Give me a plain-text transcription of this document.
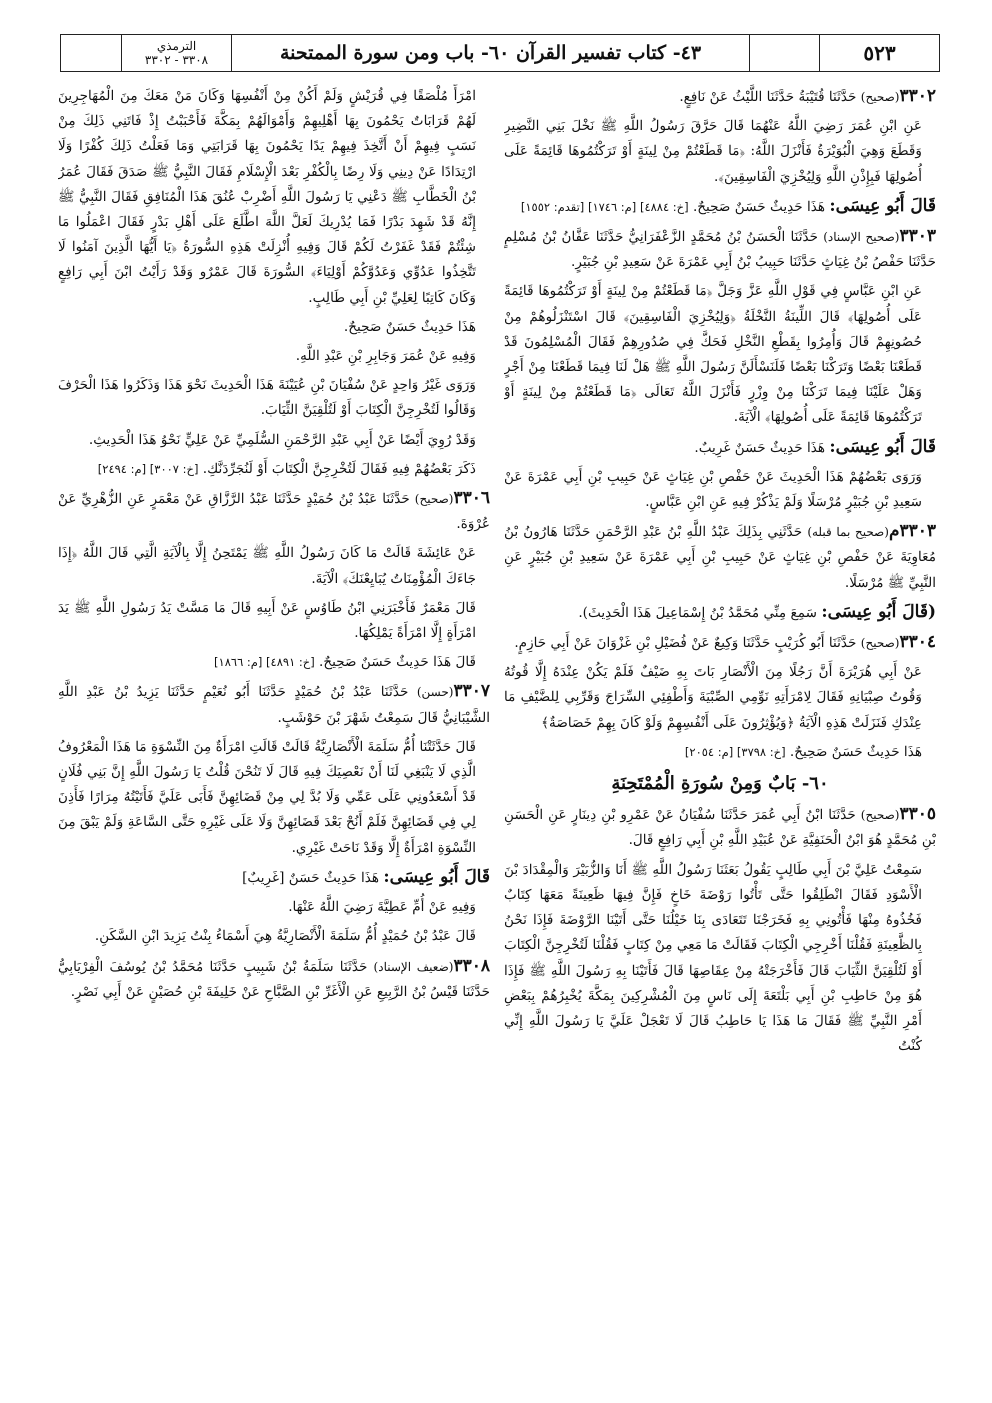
٥٢٣
٤٣- كتاب تفسير القرآن ٦٠- باب ومن سورة الممتحنة
الترمذي
٣٣٠٨ - ٣٣٠٢

٣٣٠٢(صحيح) حَدَّثَنَا قُتَيْبَةُ حَدَّثَنَا اللَّيْثُ عَنْ نَافِعٍ.

عَنِ ابْنِ عُمَرَ رَضِيَ اللَّهُ عَنْهُمَا قَالَ حَرَّقَ رَسُولُ اللَّهِ ﷺ نَخْلَ بَنِي النَّضِيرِ وَقَطَعَ وَهِيَ الْبُوَيْرَةُ فَأَنْزَلَ اللَّهُ: ﴿مَا قَطَعْتُمْ مِنْ لِينَةٍ أَوْ تَرَكْتُمُوهَا قَائِمَةً عَلَى أُصُولِهَا فَبِإِذْنِ اللَّهِ وَلِيُخْزِيَ الْفَاسِقِينَ﴾.

قَالَ أَبُو عِيسَى: هَذَا حَدِيثٌ حَسَنٌ صَحِيحٌ. [خ: ٤٨٨٤] [م: ١٧٤٦] [تقدم: ١٥٥٢]

٣٣٠٣(صحيح الإسناد) حَدَّثَنَا الْحَسَنُ بْنُ مُحَمَّدٍ الزَّعْفَرَانِيُّ حَدَّثَنَا عَفَّانُ بْنُ مُسْلِمٍ حَدَّثَنَا حَفْصُ بْنُ غِيَاثٍ حَدَّثَنَا حَبِيبُ بْنُ أَبِي عَمْرَةَ عَنْ سَعِيدِ بْنِ جُبَيْرٍ.

عَنِ ابْنِ عَبَّاسٍ فِي قَوْلِ اللَّهِ عَزَّ وَجَلَّ ﴿مَا قَطَعْتُمْ مِنْ لِينَةٍ أَوْ تَرَكْتُمُوهَا قَائِمَةً عَلَى أُصُولِهَا﴾ قَالَ اللِّينَةُ النَّخْلَةُ ﴿وَلِيُخْزِيَ الْفَاسِقِينَ﴾ قَالَ اسْتَنْزَلُوهُمْ مِنْ حُصُونِهِمْ قَالَ وَأُمِرُوا بِقَطْعِ النَّخْلِ فَحَكَّ فِي صُدُورِهِمْ فَقَالَ الْمُسْلِمُونَ قَدْ قَطَعْنَا بَعْضًا وَتَرَكْنَا بَعْضًا فَلَنَسْأَلَنَّ رَسُولَ اللَّهِ ﷺ هَلْ لَنَا فِيمَا قَطَعْنَا مِنْ أَجْرٍ وَهَلْ عَلَيْنَا فِيمَا تَرَكْنَا مِنْ وِزْرٍ فَأَنْزَلَ اللَّهُ تَعَالَى ﴿مَا قَطَعْتُمْ مِنْ لِينَةٍ أَوْ تَرَكْتُمُوهَا قَائِمَةً عَلَى أُصُولِهَا﴾ الْآيَةَ.

قَالَ أَبُو عِيسَى: هَذَا حَدِيثٌ حَسَنٌ غَرِيبٌ.

وَرَوَى بَعْضُهُمْ هَذَا الْحَدِيثَ عَنْ حَفْصِ بْنِ غِيَاثٍ عَنْ حَبِيبِ بْنِ أَبِي عَمْرَةَ عَنْ سَعِيدِ بْنِ جُبَيْرٍ مُرْسَلًا وَلَمْ يَذْكُرْ فِيهِ عَنِ ابْنِ عَبَّاسٍ.

٣٣٠٣م(صحيح بما قبله) حَدَّثَنِي بِذَلِكَ عَبْدُ اللَّهِ بْنُ عَبْدِ الرَّحْمَنِ حَدَّثَنَا هَارُونُ بْنُ مُعَاوِيَةَ عَنْ حَفْصِ بْنِ غِيَاثٍ عَنْ حَبِيبِ بْنِ أَبِي عَمْرَةَ عَنْ سَعِيدِ بْنِ جُبَيْرٍ عَنِ النَّبِيِّ ﷺ مُرْسَلًا.

(قَالَ أَبُو عِيسَى: سَمِعَ مِنِّي مُحَمَّدُ بْنُ إِسْمَاعِيلَ هَذَا الْحَدِيثَ).

٣٣٠٤(صحيح) حَدَّثَنَا أَبُو كُرَيْبٍ حَدَّثَنَا وَكِيعٌ عَنْ فُضَيْلِ بْنِ غَزْوَانَ عَنْ أَبِي حَازِمٍ.

عَنْ أَبِي هُرَيْرَةَ أَنَّ رَجُلًا مِنَ الْأَنْصَارِ بَاتَ بِهِ ضَيْفٌ فَلَمْ يَكُنْ عِنْدَهُ إِلَّا قُوتُهُ وَقُوتُ صِبْيَانِهِ فَقَالَ لِامْرَأَتِهِ نَوِّمِي الصِّبْيَةَ وَأَطْفِئِي السِّرَاجَ وَقَرِّبِي لِلضَّيْفِ مَا عِنْدَكِ فَنَزَلَتْ هَذِهِ الْآيَةُ ﴿وَيُؤْثِرُونَ عَلَى أَنْفُسِهِمْ وَلَوْ كَانَ بِهِمْ خَصَاصَةٌ﴾

هَذَا حَدِيثٌ حَسَنٌ صَحِيحٌ. [خ: ٣٧٩٨] [م: ٢٠٥٤]

٦٠- بَابٌ وَمِنْ سُورَةِ الْمُمْتَحِنَةِ

٣٣٠٥(صحيح) حَدَّثَنَا ابْنُ أَبِي عُمَرَ حَدَّثَنَا سُفْيَانُ عَنْ عَمْرِو بْنِ دِينَارٍ عَنِ الْحَسَنِ بْنِ مُحَمَّدٍ هُوَ ابْنُ الْحَنَفِيَّةِ عَنْ عُبَيْدِ اللَّهِ بْنِ أَبِي رَافِعٍ قَالَ.

سَمِعْتُ عَلِيَّ بْنَ أَبِي طَالِبٍ يَقُولُ بَعَثَنَا رَسُولُ اللَّهِ ﷺ أَنَا وَالزُّبَيْرَ وَالْمِقْدَادَ بْنَ الْأَسْوَدِ فَقَالَ انْطَلِقُوا حَتَّى تَأْتُوا رَوْضَةَ خَاخٍ فَإِنَّ فِيهَا ظَعِينَةً مَعَهَا كِتَابٌ فَخُذُوهُ مِنْهَا فَأْتُونِي بِهِ فَخَرَجْنَا تَتَعَادَى بِنَا خَيْلُنَا حَتَّى أَتَيْنَا الرَّوْضَةَ فَإِذَا نَحْنُ بِالظَّعِينَةِ فَقُلْنَا أَخْرِجِي الْكِتَابَ فَقَالَتْ مَا مَعِي مِنْ كِتَابٍ فَقُلْنَا لَتُخْرِجِنَّ الْكِتَابَ أَوْ لَتُلْقِيَنَّ الثِّيَابَ قَالَ فَأَخْرَجَتْهُ مِنْ عِقَاصِهَا قَالَ فَأَتَيْنَا بِهِ رَسُولَ اللَّهِ ﷺ فَإِذَا هُوَ مِنْ حَاطِبِ بْنِ أَبِي بَلْتَعَةَ إِلَى نَاسٍ مِنَ الْمُشْرِكِينَ بِمَكَّةَ يُخْبِرُهُمْ بِبَعْضِ أَمْرِ النَّبِيِّ ﷺ فَقَالَ مَا هَذَا يَا حَاطِبُ قَالَ لَا تَعْجَلْ عَلَيَّ يَا رَسُولَ اللَّهِ إِنِّي كُنْتُ

امْرَأً مُلْصَقًا فِي قُرَيْشٍ وَلَمْ أَكُنْ مِنْ أَنْفُسِهَا وَكَانَ مَنْ مَعَكَ مِنَ الْمُهَاجِرِينَ لَهُمْ قَرَابَاتٌ يَحْمُونَ بِهَا أَهْلِيهِمْ وَأَمْوَالَهُمْ بِمَكَّةَ فَأَحْبَبْتُ إِذْ فَاتَنِي ذَلِكَ مِنْ نَسَبٍ فِيهِمْ أَنْ أَتَّخِذَ فِيهِمْ يَدًا يَحْمُونَ بِهَا قَرَابَتِي وَمَا فَعَلْتُ ذَلِكَ كُفْرًا وَلَا ارْتِدَادًا عَنْ دِينِي وَلَا رِضًا بِالْكُفْرِ بَعْدَ الْإِسْلَامِ فَقَالَ النَّبِيُّ ﷺ صَدَقَ فَقَالَ عُمَرُ بْنُ الْخَطَّابِ ﷺ دَعْنِي يَا رَسُولَ اللَّهِ أَضْرِبْ عُنُقَ هَذَا الْمُنَافِقِ فَقَالَ النَّبِيُّ ﷺ إِنَّهُ قَدْ شَهِدَ بَدْرًا فَمَا يُدْرِيكَ لَعَلَّ اللَّهَ اطَّلَعَ عَلَى أَهْلِ بَدْرٍ فَقَالَ اعْمَلُوا مَا شِئْتُمْ فَقَدْ غَفَرْتُ لَكُمْ قَالَ وَفِيهِ أُنْزِلَتْ هَذِهِ السُّورَةُ ﴿يَا أَيُّهَا الَّذِينَ آمَنُوا لَا تَتَّخِذُوا عَدُوِّي وَعَدُوَّكُمْ أَوْلِيَاءَ﴾ السُّورَةَ قَالَ عَمْرٌو وَقَدْ رَأَيْتُ ابْنَ أَبِي رَافِعٍ وَكَانَ كَاتِبًا لِعَلِيِّ بْنِ أَبِي طَالِبٍ.

هَذَا حَدِيثٌ حَسَنٌ صَحِيحٌ.

وَفِيهِ عَنْ عُمَرَ وَجَابِرِ بْنِ عَبْدِ اللَّهِ.

وَرَوَى غَيْرُ وَاحِدٍ عَنْ سُفْيَانَ بْنِ عُيَيْنَةَ هَذَا الْحَدِيثَ نَحْوَ هَذَا وَذَكَرُوا هَذَا الْحَرْفَ وَقَالُوا لَتُخْرِجِنَّ الْكِتَابَ أَوْ لَتُلْقِيَنَّ الثِّيَابَ.

وَقَدْ رُوِيَ أَيْضًا عَنْ أَبِي عَبْدِ الرَّحْمَنِ السُّلَمِيِّ عَنْ عَلِيٍّ نَحْوُ هَذَا الْحَدِيثِ.

ذَكَرَ بَعْضُهُمْ فِيهِ فَقَالَ لَتُخْرِجِنَّ الْكِتَابَ أَوْ لَنُجَرِّدَنَّكِ. [خ: ٣٠٠٧] [م: ٢٤٩٤]

٣٣٠٦(صحيح) حَدَّثَنَا عَبْدُ بْنُ حُمَيْدٍ حَدَّثَنَا عَبْدُ الرَّزَّاقِ عَنْ مَعْمَرٍ عَنِ الزُّهْرِيِّ عَنْ عُرْوَةَ.

عَنْ عَائِشَةَ قَالَتْ مَا كَانَ رَسُولُ اللَّهِ ﷺ يَمْتَحِنُ إِلَّا بِالْآيَةِ الَّتِي قَالَ اللَّهُ ﴿إِذَا جَاءَكَ الْمُؤْمِنَاتُ يُبَايِعْنَكَ﴾ الْآيَةَ.

قَالَ مَعْمَرٌ فَأَخْبَرَنِي ابْنُ طَاوُسٍ عَنْ أَبِيهِ قَالَ مَا مَسَّتْ يَدُ رَسُولِ اللَّهِ ﷺ يَدَ امْرَأَةٍ إِلَّا امْرَأَةً يَمْلِكُهَا.

قَالَ هَذَا حَدِيثٌ حَسَنٌ صَحِيحٌ. [خ: ٤٨٩١] [م: ١٨٦٦]

٣٣٠٧(حسن) حَدَّثَنَا عَبْدُ بْنُ حُمَيْدٍ حَدَّثَنَا أَبُو نُعَيْمٍ حَدَّثَنَا يَزِيدُ بْنُ عَبْدِ اللَّهِ الشَّيْبَانِيُّ قَالَ سَمِعْتُ شَهْرَ بْنَ حَوْشَبٍ.

قَالَ حَدَّثَتْنَا أُمُّ سَلَمَةَ الْأَنْصَارِيَّةُ قَالَتْ قَالَتِ امْرَأَةٌ مِنَ النِّسْوَةِ مَا هَذَا الْمَعْرُوفُ الَّذِي لَا يَنْبَغِي لَنَا أَنْ نَعْصِيَكَ فِيهِ قَالَ لَا تَنُحْنَ قُلْتُ يَا رَسُولَ اللَّهِ إِنَّ بَنِي فُلَانٍ قَدْ أَسْعَدُونِي عَلَى عَمِّي وَلَا بُدَّ لِي مِنْ قَضَائِهِنَّ فَأَبَى عَلَيَّ فَأَتَيْتُهُ مِرَارًا فَأَذِنَ لِي فِي قَضَائِهِنَّ فَلَمْ أَنُحْ بَعْدَ قَضَائِهِنَّ وَلَا عَلَى غَيْرِهِ حَتَّى السَّاعَةِ وَلَمْ يَبْقَ مِنَ النِّسْوَةِ امْرَأَةٌ إِلَّا وَقَدْ نَاحَتْ غَيْرِي.

قَالَ أَبُو عِيسَى: هَذَا حَدِيثٌ حَسَنٌ [غَرِيبٌ]

وَفِيهِ عَنْ أُمِّ عَطِيَّةَ رَضِيَ اللَّهُ عَنْهَا.

قَالَ عَبْدُ بْنُ حُمَيْدٍ أُمُّ سَلَمَةَ الْأَنْصَارِيَّةُ هِيَ أَسْمَاءُ بِنْتُ يَزِيدَ ابْنِ السَّكَنِ.

٣٣٠٨(ضعيف الإسناد) حَدَّثَنَا سَلَمَةُ بْنُ شَبِيبٍ حَدَّثَنَا مُحَمَّدُ بْنُ يُوسُفَ الْفِرْيَابِيُّ حَدَّثَنَا قَيْسُ بْنُ الرَّبِيعِ عَنِ الْأَغَرِّ بْنِ الصَّبَّاحِ عَنْ خَلِيفَةَ بْنِ حُصَيْنٍ عَنْ أَبِي نَصْرٍ.
